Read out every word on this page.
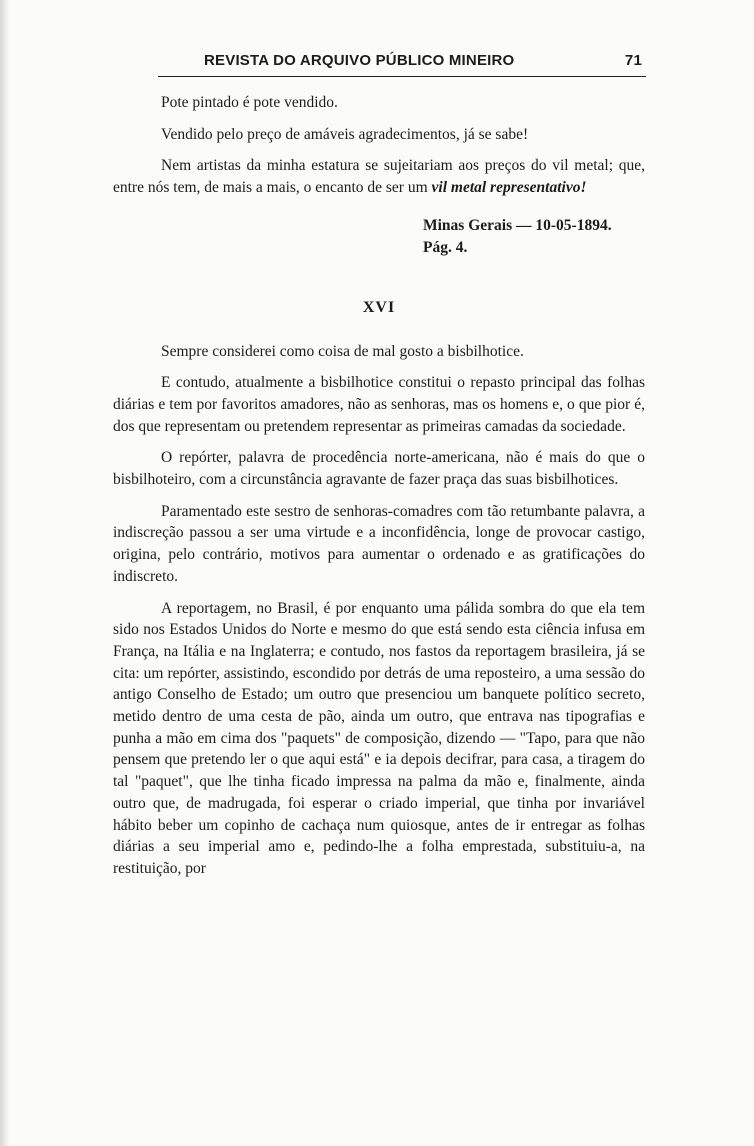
REVISTA DO ARQUIVO PÚBLICO MINEIRO	71

Pote pintado é pote vendido.

Vendido pelo preço de amáveis agradecimentos, já se sabe!

Nem artistas da minha estatura se sujeitariam aos preços do vil metal; que, entre nós tem, de mais a mais, o encanto de ser um vil metal representativo!

Minas Gerais — 10-05-1894.
Pág. 4.
XVI

Sempre considerei como coisa de mal gosto a bisbilhotice.

E contudo, atualmente a bisbilhotice constitui o repasto principal das folhas diárias e tem por favoritos amadores, não as senhoras, mas os homens e, o que pior é, dos que representam ou pretendem representar as primeiras camadas da sociedade.

O repórter, palavra de procedência norte-americana, não é mais do que o bisbilhoteiro, com a circunstância agravante de fazer praça das suas bisbilhotices.

Paramentado este sestro de senhoras-comadres com tão retumbante palavra, a indiscreção passou a ser uma virtude e a inconfidência, longe de provocar castigo, origina, pelo contrário, motivos para aumentar o ordenado e as gratificações do indiscreto.

A reportagem, no Brasil, é por enquanto uma pálida sombra do que ela tem sido nos Estados Unidos do Norte e mesmo do que está sendo esta ciência infusa em França, na Itália e na Inglaterra; e contudo, nos fastos da reportagem brasileira, já se cita: um repórter, assistindo, escondido por detrás de uma reposteiro, a uma sessão do antigo Conselho de Estado; um outro que presenciou um banquete político secreto, metido dentro de uma cesta de pão, ainda um outro, que entrava nas tipografias e punha a mão em cima dos "paquets" de composição, dizendo — "Tapo, para que não pensem que pretendo ler o que aqui está" e ia depois decifrar, para casa, a tiragem do tal "paquet", que lhe tinha ficado impressa na palma da mão e, finalmente, ainda outro que, de madrugada, foi esperar o criado imperial, que tinha por invariável hábito beber um copinho de cachaça num quiosque, antes de ir entregar as folhas diárias a seu imperial amo e, pedindo-lhe a folha emprestada, substituiu-a, na restituição, por
